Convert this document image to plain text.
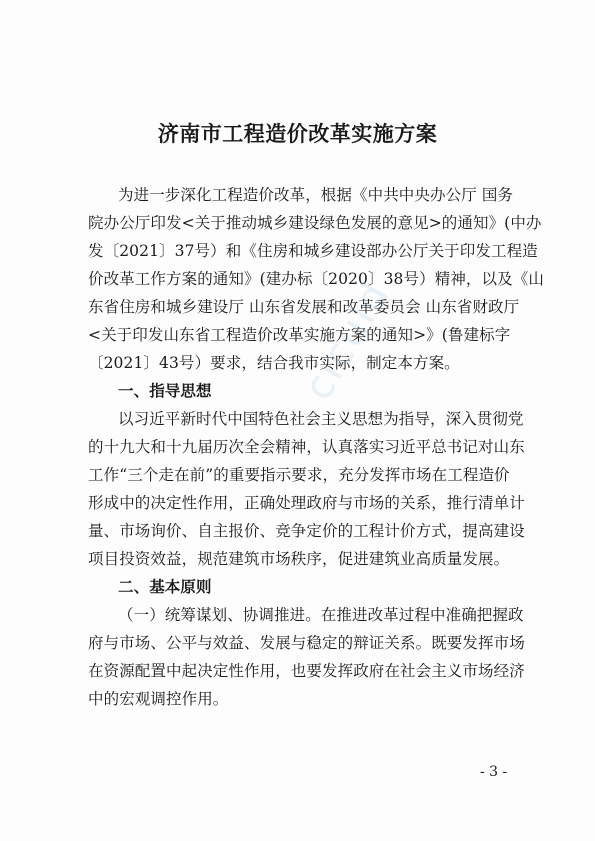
济南市工程造价改革实施方案
为进一步深化工程造价改革，根据《中共中央办公厅 国务
院办公厅印发<关于推动城乡建设绿色发展的意见>的通知》(中办
发〔2021〕37号）和《住房和城乡建设部办公厅关于印发工程造
价改革工作方案的通知》(建办标〔2020〕38号）精神，以及《山
东省住房和城乡建设厅 山东省发展和改革委员会 山东省财政厅
<关于印发山东省工程造价改革实施方案的通知>》(鲁建标字
〔2021〕43号）要求，结合我市实际，制定本方案。
一、指导思想
以习近平新时代中国特色社会主义思想为指导，深入贯彻党
的十九大和十九届历次全会精神，认真落实习近平总书记对山东
工作“三个走在前”的重要指示要求，充分发挥市场在工程造价
形成中的决定性作用，正确处理政府与市场的关系，推行清单计
量、市场询价、自主报价、竞争定价的工程计价方式，提高建设
项目投资效益，规范建筑市场秩序，促进建筑业高质量发展。
二、基本原则
（一）统筹谋划、协调推进。在推进改革过程中准确把握政
府与市场、公平与效益、发展与稳定的辩证关系。既要发挥市场
在资源配置中起决定性作用，也要发挥政府在社会主义市场经济
中的宏观调控作用。
ciculd
- 3 -
